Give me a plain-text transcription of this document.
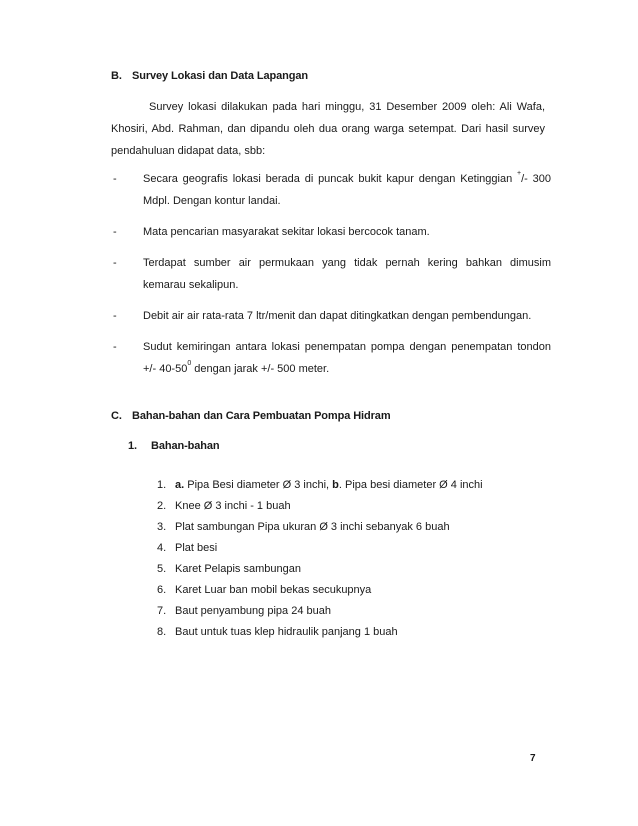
B. Survey Lokasi dan Data Lapangan
Survey lokasi dilakukan pada hari minggu, 31 Desember 2009 oleh: Ali Wafa, Khosiri, Abd. Rahman, dan dipandu oleh dua orang warga setempat. Dari hasil survey pendahuluan didapat data, sbb:
- Secara geografis lokasi berada di puncak bukit kapur dengan Ketinggian +/- 300 Mdpl. Dengan kontur landai.
- Mata pencarian masyarakat sekitar lokasi bercocok tanam.
- Terdapat sumber air permukaan yang tidak pernah kering bahkan dimusim kemarau sekalipun.
- Debit air air rata-rata 7 ltr/menit dan dapat ditingkatkan dengan pembendungan.
- Sudut kemiringan antara lokasi penempatan pompa dengan penempatan tondon +/- $40-50^0$ dengan jarak +/- 500 meter.
C. Bahan-bahan dan Cara Pembuatan Pompa Hidram
1. Bahan-bahan
1. a. Pipa Besi diameter Ø 3 inchi, b. Pipa besi diameter Ø 4 inchi
2. Knee Ø 3 inchi - 1 buah
3. Plat sambungan Pipa ukuran Ø 3 inchi sebanyak 6 buah
4. Plat besi
5. Karet Pelapis sambungan
6. Karet Luar ban mobil bekas secukupnya
7. Baut penyambung pipa 24 buah
8. Baut untuk tuas klep hidraulik panjang 1 buah
7
